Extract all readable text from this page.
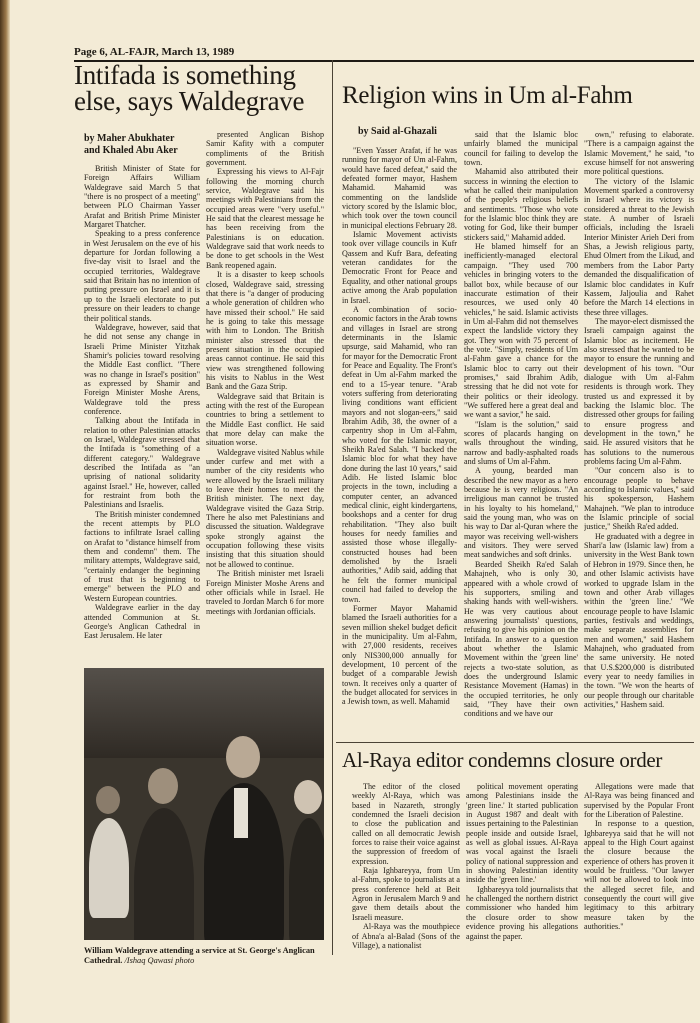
Page 6, AL-FAJR, March 13, 1989
Intifada is something
else, says Waldegrave
by Maher Abukhater
and Khaled Abu Aker

British Minister of State for Foreign Affairs William Waldegrave said March 5 that "there is no prospect of a meeting" between PLO Chairman Yasser Arafat and British Prime Minister Margaret Thatcher.

Speaking to a press conference in West Jerusalem on the eve of his departure for Jordan following a five-day visit to Israel and the occupied territories, Waldegrave said that Britain has no intention of putting pressure on Israel and it is up to the Israeli electorate to put pressure on their leaders to change their political stands.

Waldegrave, however, said that he did not sense any change in Israeli Prime Minister Yitzhak Shamir's policies toward resolving the Middle East conflict. "There was no change in Israel's position" as expressed by Shamir and Foreign Minister Moshe Arens, Waldegrave told the press conference.

Talking about the Intifada in relation to other Palestinian attacks on Israel, Waldegrave stressed that the Intifada is "something of a different category." Waldegrave described the Intifada as "an uprising of national solidarity against Israel." He, however, called for restraint from both the Palestinians and Israelis.

The British minister condemned the recent attempts by PLO factions to infiltrate Israel calling on Arafat to "distance himself from them and condemn" them. The military attempts, Waldegrave said, "certainly endanger the beginning of trust that is beginning to emerge" between the PLO and Western European countries.

Waldegrave earlier in the day attended Communion at St. George's Anglican Cathedral in East Jerusalem. He later

presented Anglican Bishop Samir Kafity with a computer compliments of the British government.

Expressing his views to Al-Fajr following the morning church service, Waldegrave said his meetings with Palestinians from the occupied areas were "very useful." He said that the clearest message he has been receiving from the Palestinians is on education. Waldegrave said that work needs to be done to get schools in the West Bank reopened again.

It is a disaster to keep schools closed, Waldegrave said, stressing that there is "a danger of producing a whole generation of children who have missed their school." He said he is going to take this message with him to London. The British minister also stressed that the present situation in the occupied areas cannot continue. He said this view was strengthened following his visits to Nablus in the West Bank and the Gaza Strip.

Waldegrave said that Britain is acting with the rest of the European countries to bring a settlement to the Middle East conflict. He said that more delay can make the situation worse.

Waldegrave visited Nablus while under curfew and met with a number of the city residents who were allowed by the Israeli military to leave their homes to meet the British minister. The next day, Waldegrave visited the Gaza Strip. There he also met Palestinians and discussed the situation. Waldegrave spoke strongly against the occupation following these visits insisting that this situation should not be allowed to continue.

The British minister met Israeli Foreign Minister Moshe Arens and other officials while in Israel. He traveled to Jordan March 6 for more meetings with Jordanian officials.

William Waldegrave attending a service at St. George's Anglican Cathedral. /Ishaq Qawasi photo
Religion wins in Um al-Fahm
by Said al-Ghazali

"Even Yasser Arafat, if he was running for mayor of Um al-Fahm, would have faced defeat," said the defeated former mayor, Hashem Mahamid. Mahamid was commenting on the landslide victory scored by the Islamic bloc, which took over the town council in municipal elections February 28.

Islamic Movement activists took over village councils in Kufr Qassem and Kufr Bara, defeating veteran candidates for the Democratic Front for Peace and Equality, and other national groups active among the Arab population in Israel.

A combination of socio-economic factors in the Arab towns and villages in Israel are strong determinants in the Islamic upsurge, said Mahamid, who ran for mayor for the Democratic Front for Peace and Equality. The Front's defeat in Um al-Fahm marked the end to a 15-year tenure. "Arab voters suffering from deteriorating living conditions want efficient mayors and not slogan-eers," said Ibrahim Adib, 38, the owner of a carpentry shop in Um al-Fahm, who voted for the Islamic mayor, Sheikh Ra'ed Salah. "I backed the Islamic bloc for what they have done during the last 10 years," said Adib. He listed Islamic bloc projects in the town, including a computer center, an advanced medical clinic, eight kindergartens, bookshops and a center for drug rehabilitation. "They also built houses for needy families and assisted those whose illegally-constructed houses had been demolished by the Israeli authorities," Adib said, adding that he felt the former municipal council had failed to develop the town.

Former Mayor Mahamid blamed the Israeli authorities for a seven million shekel budget deficit in the municipality. Um al-Fahm, with 27,000 residents, receives only NIS300,000 annually for development, 10 percent of the budget of a comparable Jewish town. It receives only a quarter of the budget allocated for services in a Jewish town, as well. Mahamid

said that the Islamic bloc unfairly blamed the municipal council for failing to develop the town.

Mahamid also attributed their success in winning the election to what he called their manipulation of the people's religious beliefs and sentiments. "Those who vote for the Islamic bloc think they are voting for God, like their bumper stickers said," Mahamid added.

He blamed himself for an inefficiently-managed electoral campaign. "They used 700 vehicles in bringing voters to the ballot box, while because of our inaccurate estimation of their resources, we used only 40 vehicles," he said. Islamic activists in Um al-Fahm did not themselves expect the landslide victory they got. They won with 75 percent of the vote. "Simply, residents of Um al-Fahm gave a chance for the Islamic bloc to carry out their promises," said Ibrahim Adib, stressing that he did not vote for their politics or their ideology. "We suffered here a great deal and we want a savior," he said.

"Islam is the solution," said scores of placards hanging on walls throughout the winding, narrow and badly-asphalted roads and slums of Um al-Fahm.

A young, bearded man described the new mayor as a hero because he is very religious. "An irreligious man cannot be trusted in his loyalty to his homeland," said the young man, who was on his way to Dar al-Quran where the mayor was receiving well-wishers and visitors. They were served meat sandwiches and soft drinks.

Bearded Sheikh Ra'ed Salah Mahajneh, who is only 30, appeared with a whole crowd of his supporters, smiling and shaking hands with well-wishers. He was very cautious about answering journalists' questions, refusing to give his opinion on the Intifada. In answer to a question about whether the Islamic Movement within the 'green line' rejects a two-state solution, as does the underground Islamic Resistance Movement (Hamas) in the occupied territories, he only said, "They have their own conditions and we have our

own," refusing to elaborate. "There is a campaign against the Islamic Movement," he said, "to excuse himself for not answering more political questions.

The victory of the Islamic Movement sparked a controversy in Israel where its victory is considered a threat to the Jewish state. A number of Israeli officials, including the Israeli Interior Minister Arieh Deri from Shas, a Jewish religious party, Ehud Olmert from the Likud, and members from the Labor Party demanded the disqualification of Islamic bloc candidates in Kufr Kassem, Jaljoulia and Rahet before the March 14 elections in these three villages.

The mayor-elect dismissed the Israeli campaign against the Islamic bloc as incitement. He also stressed that he wanted to be mayor to ensure the running and development of his town. "Our dialogue with Um al-Fahm residents is through work. They trusted us and expressed it by backing the Islamic bloc. The distressed other groups for failing to ensure progress and development in the town," he said. He assured visitors that he has solutions to the numerous problems facing Um al-Fahm.

"Our concern also is to encourage people to behave according to Islamic values," said his spokesperson, Hashem Mahajneh. "We plan to introduce the Islamic principle of social justice," Sheikh Ra'ed added.

He graduated with a degree in Shari'a law (Islamic law) from a university in the West Bank town of Hebron in 1979. Since then, he and other Islamic activists have worked to upgrade Islam in the town and other Arab villages within the 'green line.' "We encourage people to have Islamic parties, festivals and weddings, make separate assemblies for men and women," said Hashem Mahajneh, who graduated from the same university. He noted that U.S.$200,000 is distributed every year to needy families in the town. "We won the hearts of our people through our charitable activities," Hashem said.

Al-Raya editor condemns closure order

The editor of the closed weekly Al-Raya, which was based in Nazareth, strongly condemned the Israeli decision to close the publication and called on all democratic Jewish forces to raise their voice against the suppression of freedom of expression.

Raja Ighbareyya, from Um al-Fahm, spoke to journalists at a press conference held at Beit Agron in Jerusalem March 9 and gave them details about the Israeli measure.

Al-Raya was the mouthpiece of Abna'a al-Balad (Sons of the Village), a nationalist

political movement operating among Palestinians inside the 'green line.' It started publication in August 1987 and dealt with issues pertaining to the Palestinian people inside and outside Israel, as well as global issues. Al-Raya was vocal against the Israeli policy of national suppression and in showing Palestinian identity inside the 'green line.'

Ighbareyya told journalists that he challenged the northern district commissioner who handed him the closure order to show evidence proving his allegations against the paper.

Allegations were made that Al-Raya was being financed and supervised by the Popular Front for the Liberation of Palestine.

In response to a question, Ighbareyya said that he will not appeal to the High Court against the closure because the experience of others has proven it would be fruitless. "Our lawyer will not be allowed to look into the alleged secret file, and consequently the court will give legitimacy to this arbitrary measure taken by the authorities."
